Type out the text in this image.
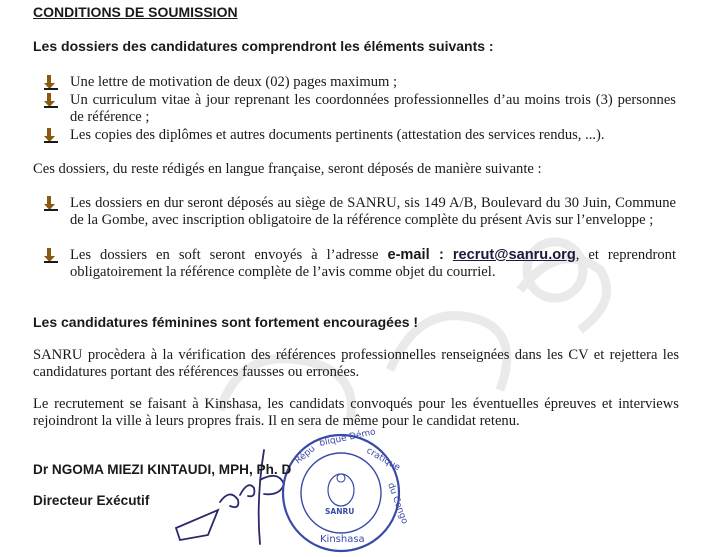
CONDITIONS DE SOUMISSION
Les dossiers des candidatures comprendront les éléments suivants :
Une lettre de motivation de deux (02) pages maximum ;
Un curriculum vitae à jour reprenant les coordonnées professionnelles d’au moins trois (3) personnes de référence ;
Les copies des diplômes et autres documents pertinents (attestation des services rendus, ...).
Ces dossiers, du reste rédigés en langue française, seront déposés de manière suivante :
Les dossiers en dur seront déposés au siège de SANRU, sis 149 A/B, Boulevard du 30 Juin, Commune de la Gombe, avec inscription obligatoire de la référence complète du présent Avis sur l’enveloppe ;
Les dossiers en soft seront envoyés à l’adresse e-mail : recrut@sanru.org, et reprendront obligatoirement la référence complète de l’avis comme objet du courriel.
Les candidatures féminines sont fortement encouragées !
SANRU procèdera à la vérification des références professionnelles renseignées dans les CV et rejettera les candidatures portant des références fausses ou erronées.
Le recrutement se faisant à Kinshasa, les candidats convoqués pour les éventuelles épreuves et interviews rejoindront la ville à leurs propres frais. Il en sera de même pour le candidat retenu.
Répu
blique Démo
cratique
du Congo
Kinshasa
SANRU
Dr NGOMA MIEZI KINTAUDI, MPH, Ph. D
Directeur Exécutif
